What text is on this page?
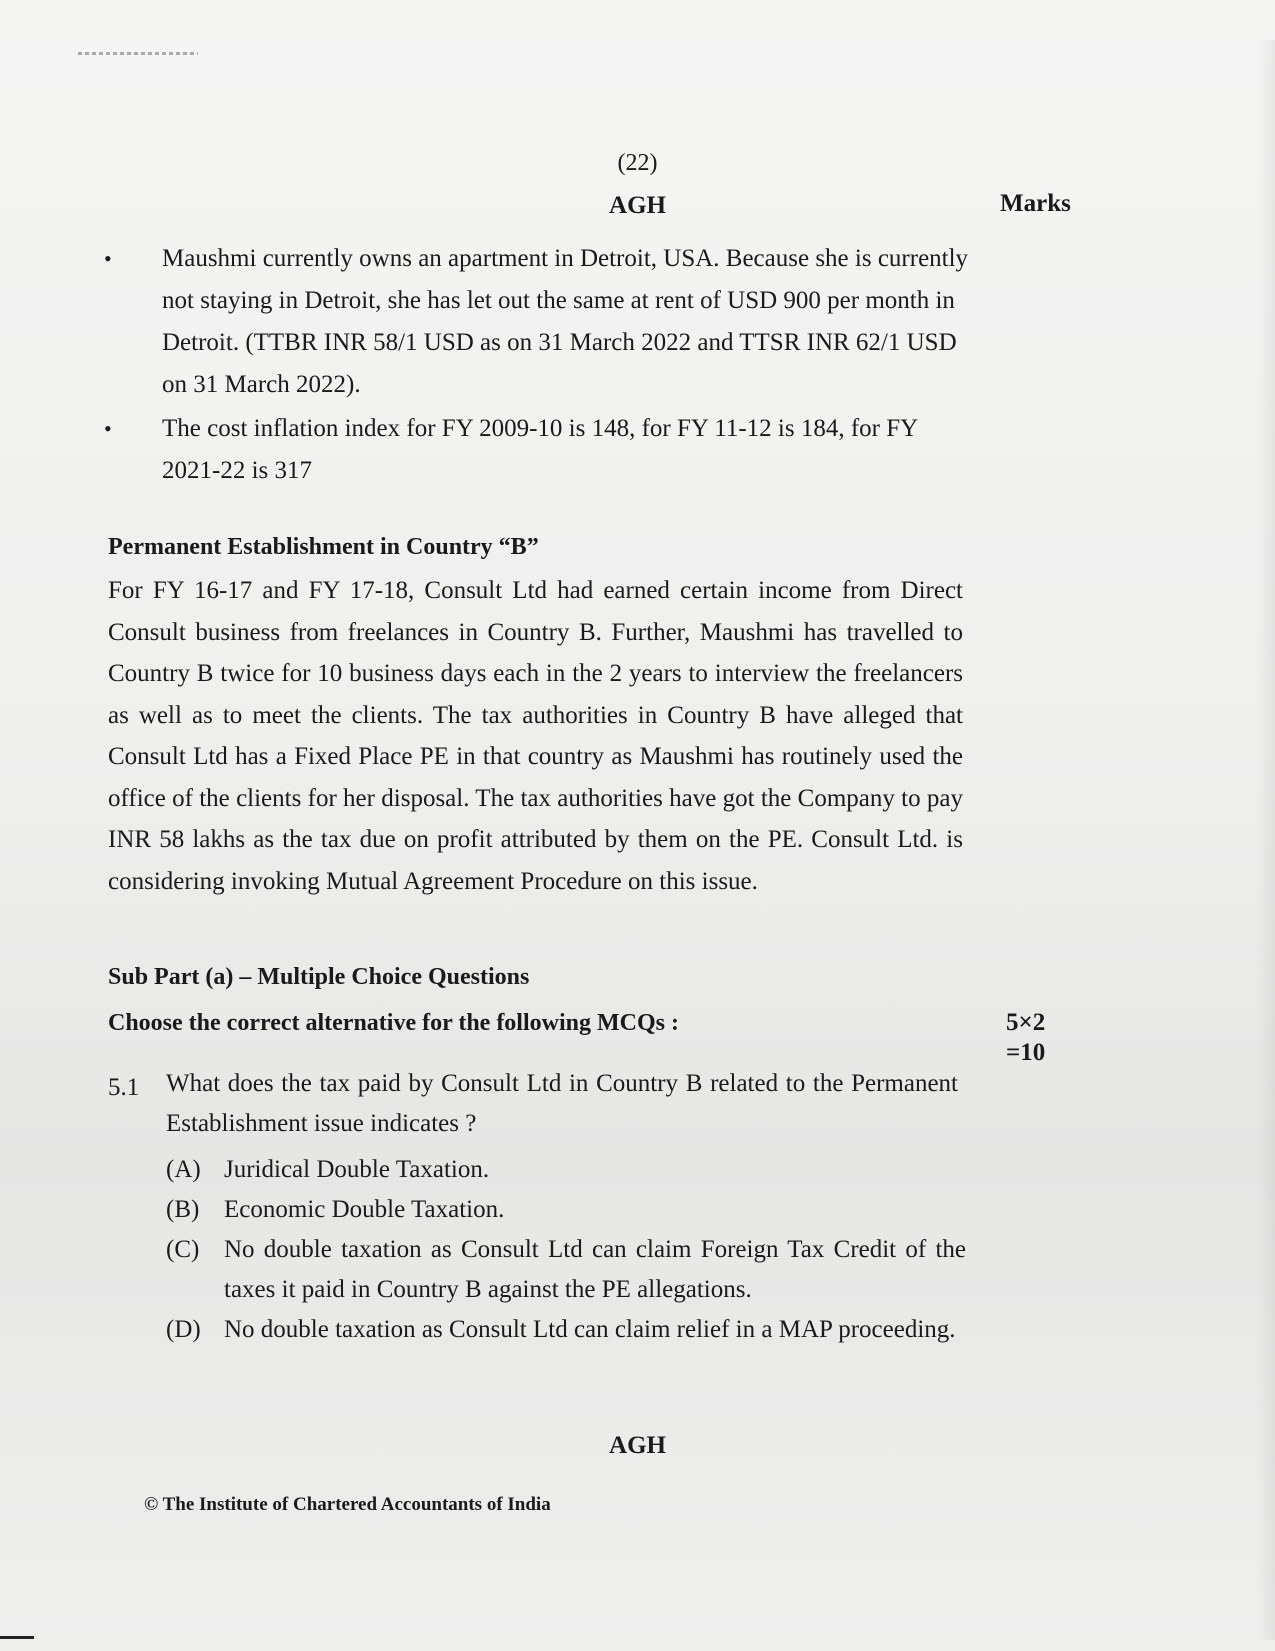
(22)
AGH	Marks
• Maushmi currently owns an apartment in Detroit, USA. Because she is currently not staying in Detroit, she has let out the same at rent of USD 900 per month in Detroit. (TTBR INR 58/1 USD as on 31 March 2022 and TTSR INR 62/1 USD on 31 March 2022).
• The cost inflation index for FY 2009-10 is 148, for FY 11-12 is 184, for FY 2021-22 is 317
Permanent Establishment in Country “B”

For FY 16-17 and FY 17-18, Consult Ltd had earned certain income from Direct Consult business from freelances in Country B. Further, Maushmi has travelled to Country B twice for 10 business days each in the 2 years to interview the freelancers as well as to meet the clients. The tax authorities in Country B have alleged that Consult Ltd has a Fixed Place PE in that country as Maushmi has routinely used the office of the clients for her disposal. The tax authorities have got the Company to pay INR 58 lakhs as the tax due on profit attributed by them on the PE. Consult Ltd. is considering invoking Mutual Agreement Procedure on this issue.

Sub Part (a) – Multiple Choice Questions
Choose the correct alternative for the following MCQs :	5×2
=10
5.1 What does the tax paid by Consult Ltd in Country B related to the Permanent Establishment issue indicates ?

(A) Juridical Double Taxation.
(B) Economic Double Taxation.
(C) No double taxation as Consult Ltd can claim Foreign Tax Credit of the taxes it paid in Country B against the PE allegations.
(D) No double taxation as Consult Ltd can claim relief in a MAP proceeding.
AGH
© The Institute of Chartered Accountants of India
